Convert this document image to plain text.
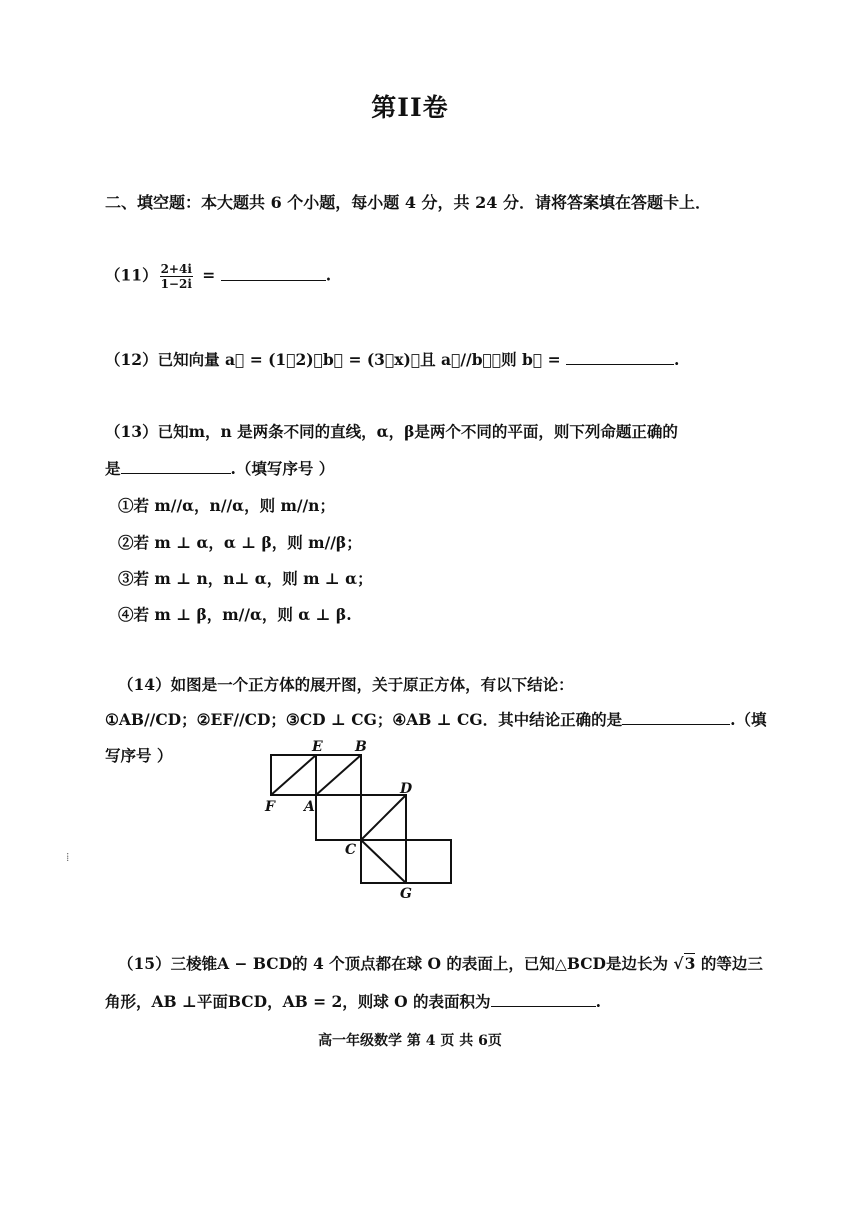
第II卷
二、填空题：本大题共 6 个小题，每小题 4 分，共 24 分．请将答案填在答题卡上．
$(11) \frac{2+4i}{1-2i}$ =	.
（12）已知向量 a⃗ = (1，2)，b⃗ = (3，x)，且 a⃗//b⃗，则 b⃗ =	.
（13）已知m，n 是两条不同的直线，α，β是两个不同的平面，则下列命题正确的
是	.（填写序号 ）
①若 m//α，n//α，则 m//n；
②若 m ⊥ α，α ⊥ β，则 m//β；
③若 m ⊥ n，n⊥ α，则 m ⊥ α；
④若 m ⊥ β，m//α，则 α ⊥ β.
（14）如图是一个正方体的展开图，关于原正方体，有以下结论：
①AB//CD；②EF//CD；③CD ⊥ CG；④AB ⊥ CG．其中结论正确的是	.（填
写序号 ）	E B
F A
D
C
G
⁞
（15）三棱锥A − BCD的 4 个顶点都在球 O 的表面上，已知△BCD是边长为 √3 的等边三
角形，AB ⊥平面BCD，AB = 2，则球 O 的表面积为	.
高一年级数学 第 4 页 共 6页
